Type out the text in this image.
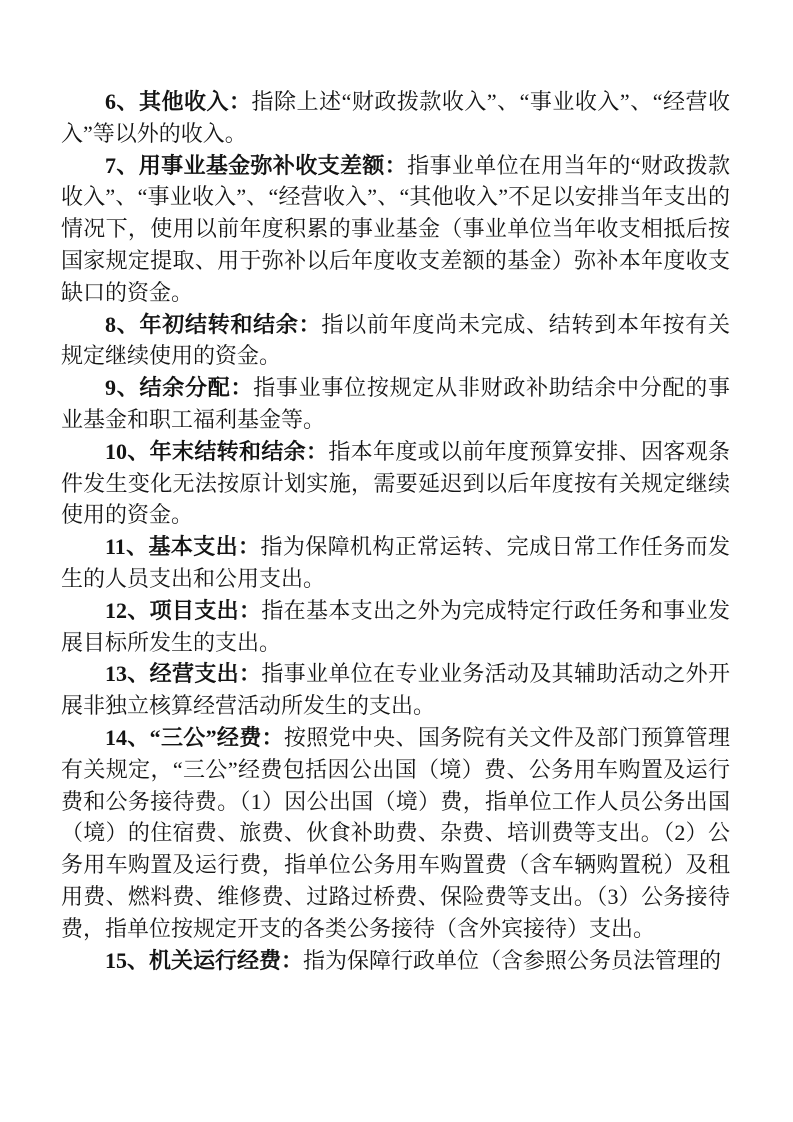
6、其他收入：指除上述“财政拨款收入”、“事业收入”、“经营收入”等以外的收入。

7、用事业基金弥补收支差额：指事业单位在用当年的“财政拨款收入”、“事业收入”、“经营收入”、“其他收入”不足以安排当年支出的情况下，使用以前年度积累的事业基金（事业单位当年收支相抵后按国家规定提取、用于弥补以后年度收支差额的基金）弥补本年度收支缺口的资金。

8、年初结转和结余：指以前年度尚未完成、结转到本年按有关规定继续使用的资金。

9、结余分配：指事业事位按规定从非财政补助结余中分配的事业基金和职工福利基金等。

10、年末结转和结余：指本年度或以前年度预算安排、因客观条件发生变化无法按原计划实施，需要延迟到以后年度按有关规定继续使用的资金。

11、基本支出：指为保障机构正常运转、完成日常工作任务而发生的人员支出和公用支出。

12、项目支出：指在基本支出之外为完成特定行政任务和事业发展目标所发生的支出。

13、经营支出：指事业单位在专业业务活动及其辅助活动之外开展非独立核算经营活动所发生的支出。

14、“三公”经费：按照党中央、国务院有关文件及部门预算管理有关规定，“三公”经费包括因公出国（境）费、公务用车购置及运行费和公务接待费。（1）因公出国（境）费，指单位工作人员公务出国（境）的住宿费、旅费、伙食补助费、杂费、培训费等支出。（2）公务用车购置及运行费，指单位公务用车购置费（含车辆购置税）及租用费、燃料费、维修费、过路过桥费、保险费等支出。（3）公务接待费，指单位按规定开支的各类公务接待（含外宾接待）支出。

15、机关运行经费：指为保障行政单位（含参照公务员法管理的
